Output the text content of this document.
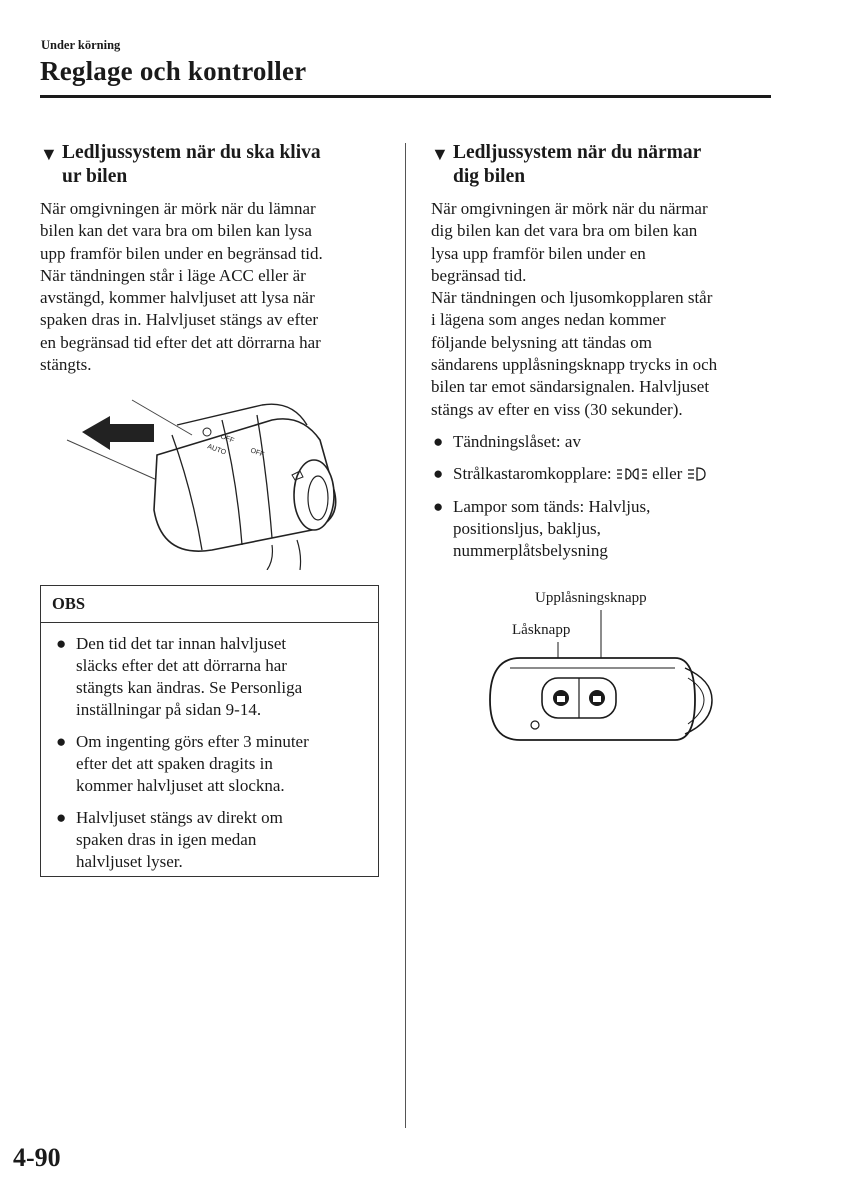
Under körning
Reglage och kontroller
▼ Ledljussystem när du ska kliva
ur bilen
När omgivningen är mörk när du lämnar
bilen kan det vara bra om bilen kan lysa
upp framför bilen under en begränsad tid.
När tändningen står i läge ACC eller är
avstängd, kommer halvljuset att lysa när
spaken dras in. Halvljuset stängs av efter
en begränsad tid efter det att dörrarna har
stängts.
OFF
AUTO	OFF
OBS
● Den tid det tar innan halvljuset
släcks efter det att dörrarna har
stängts kan ändras. Se Personliga
inställningar på sidan 9-14.
● Om ingenting görs efter 3 minuter
efter det att spaken dragits in
kommer halvljuset att slockna.
● Halvljuset stängs av direkt om
spaken dras in igen medan
halvljuset lyser.
▼ Ledljussystem när du närmar
dig bilen
När omgivningen är mörk när du närmar
dig bilen kan det vara bra om bilen kan
lysa upp framför bilen under en
begränsad tid.
När tändningen och ljusomkopplaren står
i lägena som anges nedan kommer
följande belysning att tändas om
sändarens upplåsningsknapp trycks in och
bilen tar emot sändarsignalen. Halvljuset
stängs av efter en viss (30 sekunder).
● Tändningslåset: av
● Strålkastaromkopplare: eller
● Lampor som tänds: Halvljus,
positionsljus, bakljus,
nummerplåtsbelysning
Upplåsningsknapp
Låsknapp
4-90
